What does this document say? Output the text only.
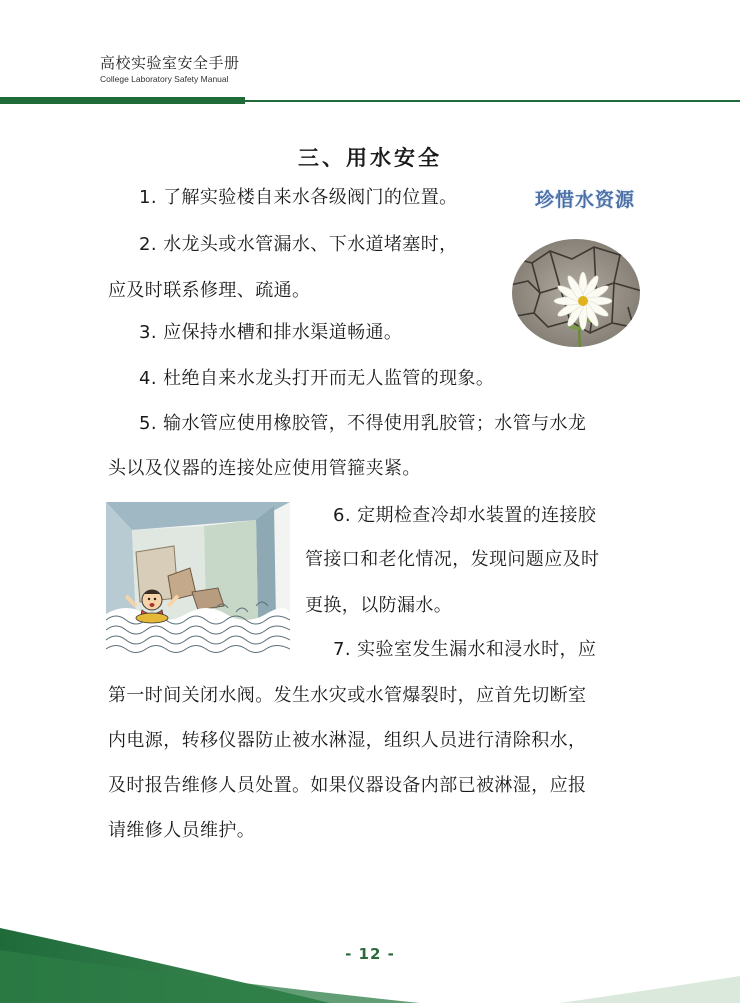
高校实验室安全手册
College Laboratory Safety Manual
三、用水安全
珍惜水资源
1. 了解实验楼自来水各级阀门的位置。
2. 水龙头或水管漏水、下水道堵塞时，
应及时联系修理、疏通。
3. 应保持水槽和排水渠道畅通。
4. 杜绝自来水龙头打开而无人监管的现象。
5. 输水管应使用橡胶管，不得使用乳胶管；水管与水龙
头以及仪器的连接处应使用管箍夹紧。
6. 定期检查冷却水装置的连接胶
管接口和老化情况，发现问题应及时
更换，以防漏水。
7. 实验室发生漏水和浸水时，应
第一时间关闭水阀。发生水灾或水管爆裂时，应首先切断室
内电源，转移仪器防止被水淋湿，组织人员进行清除积水，
及时报告维修人员处置。如果仪器设备内部已被淋湿，应报
请维修人员维护。
- 12 -
